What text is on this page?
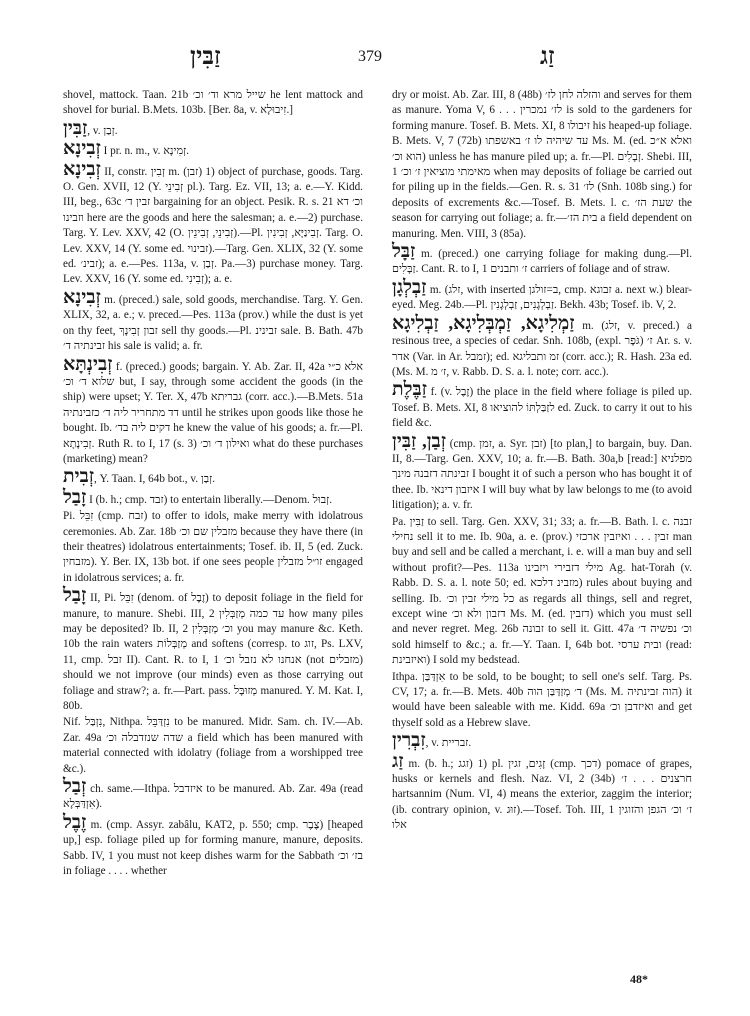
זַבִּין	379	זַג

shovel, mattock. Taan. 21b שייל מרא וד׳ וכ׳ he lent mattock and shovel for burial. B.Mets. 103b. [Ber. 8a, v. זִיבוּלָא.]

זַבִּין, v. זְבַן.

זְבִינָא I pr. n. m., v. זְמִינָא.

זְבִינָא II, constr. זְבִין m. (זבן) 1) object of purchase, goods. Targ. O. Gen. XVII, 12 (Y. זְבִינֵי pl.). Targ. Ez. VII, 13; a. e.—Y. Kidd. III, beg., 63c זבין ד׳ bargaining for an object. Pesik. R. s. 21 וכ׳ דא וזבינו here are the goods and here the salesman; a. e.—2) purchase. Targ. Y. Lev. XXV, 42 (O. זְבִינֵי, זְבִינֵין).—Pl. זְבִינַיָּא, זְבִינִין. Targ. O. Lev. XXV, 14 (Y. some ed. זבינוי).—Targ. Gen. XLIX, 32 (Y. some ed. זבינ׳); a. e.—Pes. 113a, v. זְבַן. Pa.—3) purchase money. Targ. Lev. XXV, 16 (Y. some ed. זְבִינִי); a. e.

זְבִינָא m. (preced.) sale, sold goods, merchandise. Targ. Y. Gen. XLIX, 32, a. e.; v. preced.—Pes. 113a (prov.) while the dust is yet on thy feet, זבון זְבִינָךְ sell thy goods.—Pl. זבינינ sale. B. Bath. 47b זבינתיה ד׳ his sale is valid; a. fr.

זְבִינְתָּא f. (preced.) goods; bargain. Y. Ab. Zar. II, 42a אלא כ״י שלוא ד׳ וכ׳ but, I say, through some accident the goods (in the ship) were upset; Y. Ter. X, 47b גבריתא (corr. acc.).—B.Mets. 51a דד מתחריר ליה ד׳ כזבינתיה until he strikes upon goods like those he bought. Ib. דקים ליה בד׳ he knew the value of his goods; a. fr.—Pl. זְבִינָתָא. Ruth R. to I, 17 (s. 3) ואילון ד׳ וכ׳ what do these purchases (marketing) mean?

זְבִית, Y. Taan. I, 64b bot., v. זְבַן.

זָבַל I (b. h.; cmp. זבד) to entertain liberally.—Denom. זְבוּל.

Pi. זִבֵּל (cmp. זבח) to offer to idols, make merry with idolatrous ceremonies. Ab. Zar. 18b מזבלין שם וכ׳ because they have there (in their theatres) idolatrous entertainments; Tosef. ib. II, 5 (ed. Zuck. מזבחין). Y. Ber. IX, 13b bot. if one sees people זו״ל מזבלין engaged in idolatrous services; a. fr.

זָבַל II, Pi. זִבֵּל (denom. of זֶבֶל) to deposit foliage in the field for manure, to manure. Shebi. III, 2 עד כמה מְזַבְּלִין how many piles may be deposited? Ib. II, 2 וכ׳ מְזַבְּלִין you may manure &c. Keth. 10b the rain waters מְזַבְּלוֹת and softens (corresp. to זוג, Ps. LXV, 11, cmp. זבל II). Cant. R. to I, 1 אנחנו לא נזבל וכ׳ (not מזבלים) should we not improve (our minds) even as those carrying out foliage and straw?; a. fr.—Part. pass. מְזוּבָּל manured. Y. M. Kat. I, 80b.

Nif. נִזְבַּל, Nithpa. נִזְדַּבֵּל to be manured. Midr. Sam. ch. IV.—Ab. Zar. 49a שדה שנזדבלה וכ׳ a field which has been manured with material connected with idolatry (foliage from a worshipped tree &c.).

זְבַל ch. same.—Ithpa. איזדבל to be manured. Ab. Zar. 49a (read אִזְדַּבְּלָא).

זֶבֶל m. (cmp. Assyr. zabâlu, KAT2, p. 550; cmp. צֶבֶר) [heaped up,] esp. foliage piled up for forming manure, manure, deposits. Sabb. IV, 1 you must not keep dishes warm for the Sabbath בז׳ וכ׳ in foliage . . . . whether

dry or moist. Ab. Zar. III, 8 (48b) והזלה לחן לז׳ and serves for them as manure. Yoma V, 6 . . . לז׳ נמכרין is sold to the gardeners for forming manure. Tosef. B. Mets. XI, 8 זיבולו his heaped-up foliage. B. Mets. V, 7 (72b) עד שיהיה לו ז׳ באשפתו Ms. M. (ed. ואלא א״כ הוא וכ׳) unless he has manure piled up; a. fr.—Pl. זְבָלִים. Shebi. III, 1 מאימתי מוציאין ז׳ וכ׳ when may deposits of foliage be carried out for piling up in the fields.—Gen. R. s. 31 לז׳ (Snh. 108b sing.) for deposits of excrements &c.—Tosef. B. Mets. l. c. שעת הז׳ the season for carrying out foliage; a. fr.—בית הז׳ a field dependent on manuring. Men. VIII, 3 (85a).

זַבָּל m. (preced.) one carrying foliage for making dung.—Pl. זַבָּלִים. Cant. R. to I, 1 ז׳ ותבנים carriers of foliage and of straw.

זַבְלְגָן m. (זלג, with inserted ב=זולגן, cmp. זבוגא a. next w.) blear-eyed. Meg. 24b.—Pl. זַבְלְגָנִים, זַבְלְגָנִין. Bekh. 43b; Tosef. ib. V, 2.

זַמְלִיגָא, זַמְבְּלִיגָא, זַבְלִיגָא m. (זלג, v. preced.) a resinous tree, a species of cedar. Snh. 108b, (expl. גֹּפֶר) ז׳ Ar. s. v. אדר (Var. in Ar. זמבל); ed. זמ ותבליגא (corr. acc.); R. Hash. 23a ed. (Ms. M. ז׳ מ, v. Rabb. D. S. a. l. note; corr. acc.).

זַבֶּלֶת f. (v. זֶבֶל) the place in the field where foliage is piled up. Tosef. B. Mets. XI, 8 לזַבַּלְתּוֹ להוציאו ed. Zuck. to carry it out to his field &c.

זְבַן, זַבִּין (cmp. זמן, a. Syr. זבן) [to plan,] to bargain, buy. Dan. II, 8.—Targ. Gen. XXV, 10; a. fr.—B. Bath. 30a,b [read:] מפלניא זבינתה דזבנה מינך I bought it of such a person who has bought it of thee. Ib. איזבון דינאי I will buy what by law belongs to me (to avoid litigation); a. v. fr.

Pa. זַבִּין to sell. Targ. Gen. XXV, 31; 33; a. fr.—B. Bath. l. c. זבנה נחילי sell it to me. Ib. 90a, a. e. (prov.) זבין . . . ואיזבין ארכזי man buy and sell and be called a merchant, i. e. will a man buy and sell without profit?—Pes. 113a מילי דזבירי ויזבינו Ag. hat-Torah (v. Rabb. D. S. a. l. note 50; ed. מזבינ דלכא) rules about buying and selling. Ib. כל מילי זבין וכ׳ as regards all things, sell and regret, except wine דזבון ולא וכ׳ Ms. M. (ed. דזבין) which you must sell and never regret. Meg. 26b זבונה to sell it. Gitt. 47a וכ׳ נפשיה ד׳ sold himself to &c.; a. fr.—Y. Taan. I, 64b bot. ובית ערסי (read: ואיזבינת) I sold my bedstead.

Ithpa. אִזְדַּבַּן to be sold, to be bought; to sell one's self. Targ. Ps. CV, 17; a. fr.—B. Mets. 40b ד׳ מְזַדַּבַּן הוה (Ms. M. הוה זבינתיה) it would have been saleable with me. Kidd. 69a ואיזדבן וכ׳ and get thyself sold as a Hebrew slave.

זִבְרִין, v. זבריית.

זַג m. (b. h.; זגג) 1) pl. זָגִים, זגין (cmp. דכך) pomace of grapes, husks or kernels and flesh. Naz. VI, 2 (34b) חרצנים . . . ז׳ hartsannim (Num. VI, 4) means the exterior, zaggim the interior; (ib. contrary opinion, v. זוּג).—Tosef. Toh. III, 1 ז׳ וכ׳ הגפן והזוגין אלו

48*
